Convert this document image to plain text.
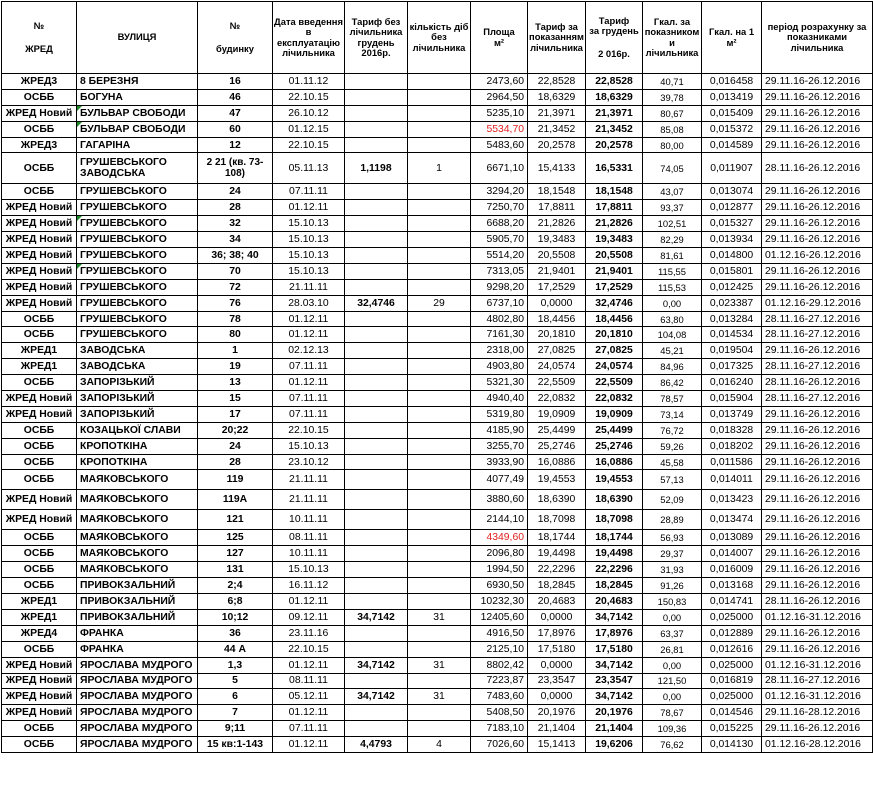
№
ЖРЕД	ВУЛИЦЯ	№
будинку	Дата введення в експлуатацію лічильника	Тариф без лічильника грудень 2016р.	кількість діб без лічильника	Площа
м²	Тариф за показанням лічильника	Тариф
за грудень
2 016р.	Гкал. за показником и лічильника	Гкал. на 1 м²	період розрахунку за показниками лічильника
ЖРЕД3	8 БЕРЕЗНЯ	16	01.11.12			2473,60	22,8528	22,8528	40,71	0,016458	29.11.16-26.12.2016
ОСББ	БОГУНА	46	22.10.15			2964,50	18,6329	18,6329	39,78	0,013419	29.11.16-26.12.2016
ЖРЕД Новий	БУЛЬВАР СВОБОДИ	47	26.10.12			5235,10	21,3971	21,3971	80,67	0,015409	29.11.16-26.12.2016
ОСББ	БУЛЬВАР СВОБОДИ	60	01.12.15			5534,70	21,3452	21,3452	85,08	0,015372	29.11.16-26.12.2016
ЖРЕД3	ГАГАРІНА	12	22.10.15			5483,60	20,2578	20,2578	80,00	0,014589	29.11.16-26.12.2016
ОСББ	ГРУШЕВСЬКОГО ЗАВОДСЬКА	2 21 (кв. 73-108)	05.11.13	1,1198	1	6671,10	15,4133	16,5331	74,05	0,011907	28.11.16-26.12.2016
ОСББ	ГРУШЕВСЬКОГО	24	07.11.11			3294,20	18,1548	18,1548	43,07	0,013074	29.11.16-26.12.2016
ЖРЕД Новий	ГРУШЕВСЬКОГО	28	01.12.11			7250,70	17,8811	17,8811	93,37	0,012877	29.11.16-26.12.2016
ЖРЕД Новий	ГРУШЕВСЬКОГО	32	15.10.13			6688,20	21,2826	21,2826	102,51	0,015327	29.11.16-26.12.2016
ЖРЕД Новий	ГРУШЕВСЬКОГО	34	15.10.13			5905,70	19,3483	19,3483	82,29	0,013934	29.11.16-26.12.2016
ЖРЕД Новий	ГРУШЕВСЬКОГО	36; 38; 40	15.10.13			5514,20	20,5508	20,5508	81,61	0,014800	01.12.16-26.12.2016
ЖРЕД Новий	ГРУШЕВСЬКОГО	70	15.10.13			7313,05	21,9401	21,9401	115,55	0,015801	29.11.16-26.12.2016
ЖРЕД Новий	ГРУШЕВСЬКОГО	72	21.11.11			9298,20	17,2529	17,2529	115,53	0,012425	29.11.16-26.12.2016
ЖРЕД Новий	ГРУШЕВСЬКОГО	76	28.03.10	32,4746	29	6737,10	0,0000	32,4746	0,00	0,023387	01.12.16-29.12.2016
ОСББ	ГРУШЕВСЬКОГО	78	01.12.11			4802,80	18,4456	18,4456	63,80	0,013284	28.11.16-27.12.2016
ОСББ	ГРУШЕВСЬКОГО	80	01.12.11			7161,30	20,1810	20,1810	104,08	0,014534	28.11.16-27.12.2016
ЖРЕД1	ЗАВОДСЬКА	1	02.12.13			2318,00	27,0825	27,0825	45,21	0,019504	29.11.16-26.12.2016
ЖРЕД1	ЗАВОДСЬКА	19	07.11.11			4903,80	24,0574	24,0574	84,96	0,017325	28.11.16-27.12.2016
ОСББ	ЗАПОРІЗЬКИЙ	13	01.12.11			5321,30	22,5509	22,5509	86,42	0,016240	28.11.16-26.12.2016
ЖРЕД Новий	ЗАПОРІЗЬКИЙ	15	07.11.11			4940,40	22,0832	22,0832	78,57	0,015904	28.11.16-27.12.2016
ЖРЕД Новий	ЗАПОРІЗЬКИЙ	17	07.11.11			5319,80	19,0909	19,0909	73,14	0,013749	29.11.16-26.12.2016
ОСББ	КОЗАЦЬКОЇ СЛАВИ	20;22	22.10.15			4185,90	25,4499	25,4499	76,72	0,018328	29.11.16-26.12.2016
ОСББ	КРОПОТКІНА	24	15.10.13			3255,70	25,2746	25,2746	59,26	0,018202	29.11.16-26.12.2016
ОСББ	КРОПОТКІНА	28	23.10.12			3933,90	16,0886	16,0886	45,58	0,011586	29.11.16-26.12.2016
ОСББ	МАЯКОВСЬКОГО	119	21.11.11			4077,49	19,4553	19,4553	57,13	0,014011	29.11.16-26.12.2016
ЖРЕД Новий	МАЯКОВСЬКОГО	119А	21.11.11			3880,60	18,6390	18,6390	52,09	0,013423	29.11.16-26.12.2016
ЖРЕД Новий	МАЯКОВСЬКОГО	121	10.11.11			2144,10	18,7098	18,7098	28,89	0,013474	29.11.16-26.12.2016
ОСББ	МАЯКОВСЬКОГО	125	08.11.11			4349,60	18,1744	18,1744	56,93	0,013089	29.11.16-26.12.2016
ОСББ	МАЯКОВСЬКОГО	127	10.11.11			2096,80	19,4498	19,4498	29,37	0,014007	29.11.16-26.12.2016
ОСББ	МАЯКОВСЬКОГО	131	15.10.13			1994,50	22,2296	22,2296	31,93	0,016009	29.11.16-26.12.2016
ОСББ	ПРИВОКЗАЛЬНИЙ	2;4	16.11.12			6930,50	18,2845	18,2845	91,26	0,013168	29.11.16-26.12.2016
ЖРЕД1	ПРИВОКЗАЛЬНИЙ	6;8	01.12.11			10232,30	20,4683	20,4683	150,83	0,014741	28.11.16-26.12.2016
ЖРЕД1	ПРИВОКЗАЛЬНИЙ	10;12	09.12.11	34,7142	31	12405,60	0,0000	34,7142	0,00	0,025000	01.12.16-31.12.2016
ЖРЕД4	ФРАНКА	36	23.11.16			4916,50	17,8976	17,8976	63,37	0,012889	29.11.16-26.12.2016
ОСББ	ФРАНКА	44 А	22.10.15			2125,10	17,5180	17,5180	26,81	0,012616	29.11.16-26.12.2016
ЖРЕД Новий	ЯРОСЛАВА МУДРОГО	1,3	01.12.11	34,7142	31	8802,42	0,0000	34,7142	0,00	0,025000	01.12.16-31.12.2016
ЖРЕД Новий	ЯРОСЛАВА МУДРОГО	5	08.11.11			7223,87	23,3547	23,3547	121,50	0,016819	28.11.16-27.12.2016
ЖРЕД Новий	ЯРОСЛАВА МУДРОГО	6	05.12.11	34,7142	31	7483,60	0,0000	34,7142	0,00	0,025000	01.12.16-31.12.2016
ЖРЕД Новий	ЯРОСЛАВА МУДРОГО	7	01.12.11			5408,50	20,1976	20,1976	78,67	0,014546	29.11.16-28.12.2016
ОСББ	ЯРОСЛАВА МУДРОГО	9;11	07.11.11			7183,10	21,1404	21,1404	109,36	0,015225	29.11.16-26.12.2016
ОСББ	ЯРОСЛАВА МУДРОГО	15 кв:1-143	01.12.11	4,4793	4	7026,60	15,1413	19,6206	76,62	0,014130	01.12.16-28.12.2016
